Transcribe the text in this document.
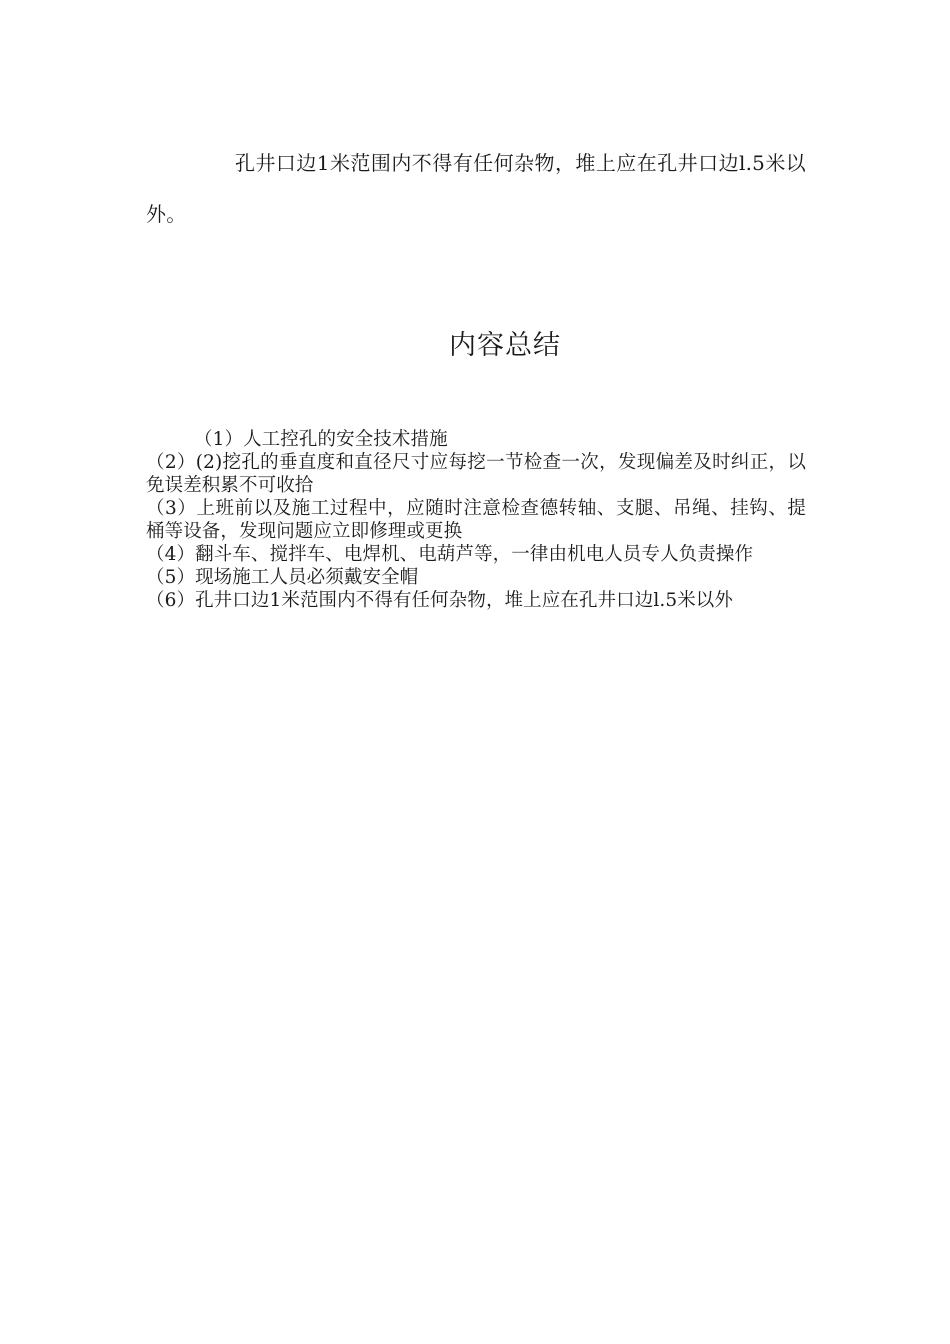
孔井口边1米范围内不得有任何杂物，堆上应在孔井口边l.5米以外。

内容总结

（1）人工控孔的安全技术措施

（2）(2)挖孔的垂直度和直径尺寸应每挖一节检查一次，发现偏差及时纠正，以免误差积累不可收拾

（3）上班前以及施工过程中，应随时注意检查德转轴、支腿、吊绳、挂钩、提桶等设备，发现问题应立即修理或更换

（4）翻斗车、搅拌车、电焊机、电葫芦等，一律由机电人员专人负责操作

（5）现场施工人员必须戴安全帽

（6）孔井口边1米范围内不得有任何杂物，堆上应在孔井口边l.5米以外
